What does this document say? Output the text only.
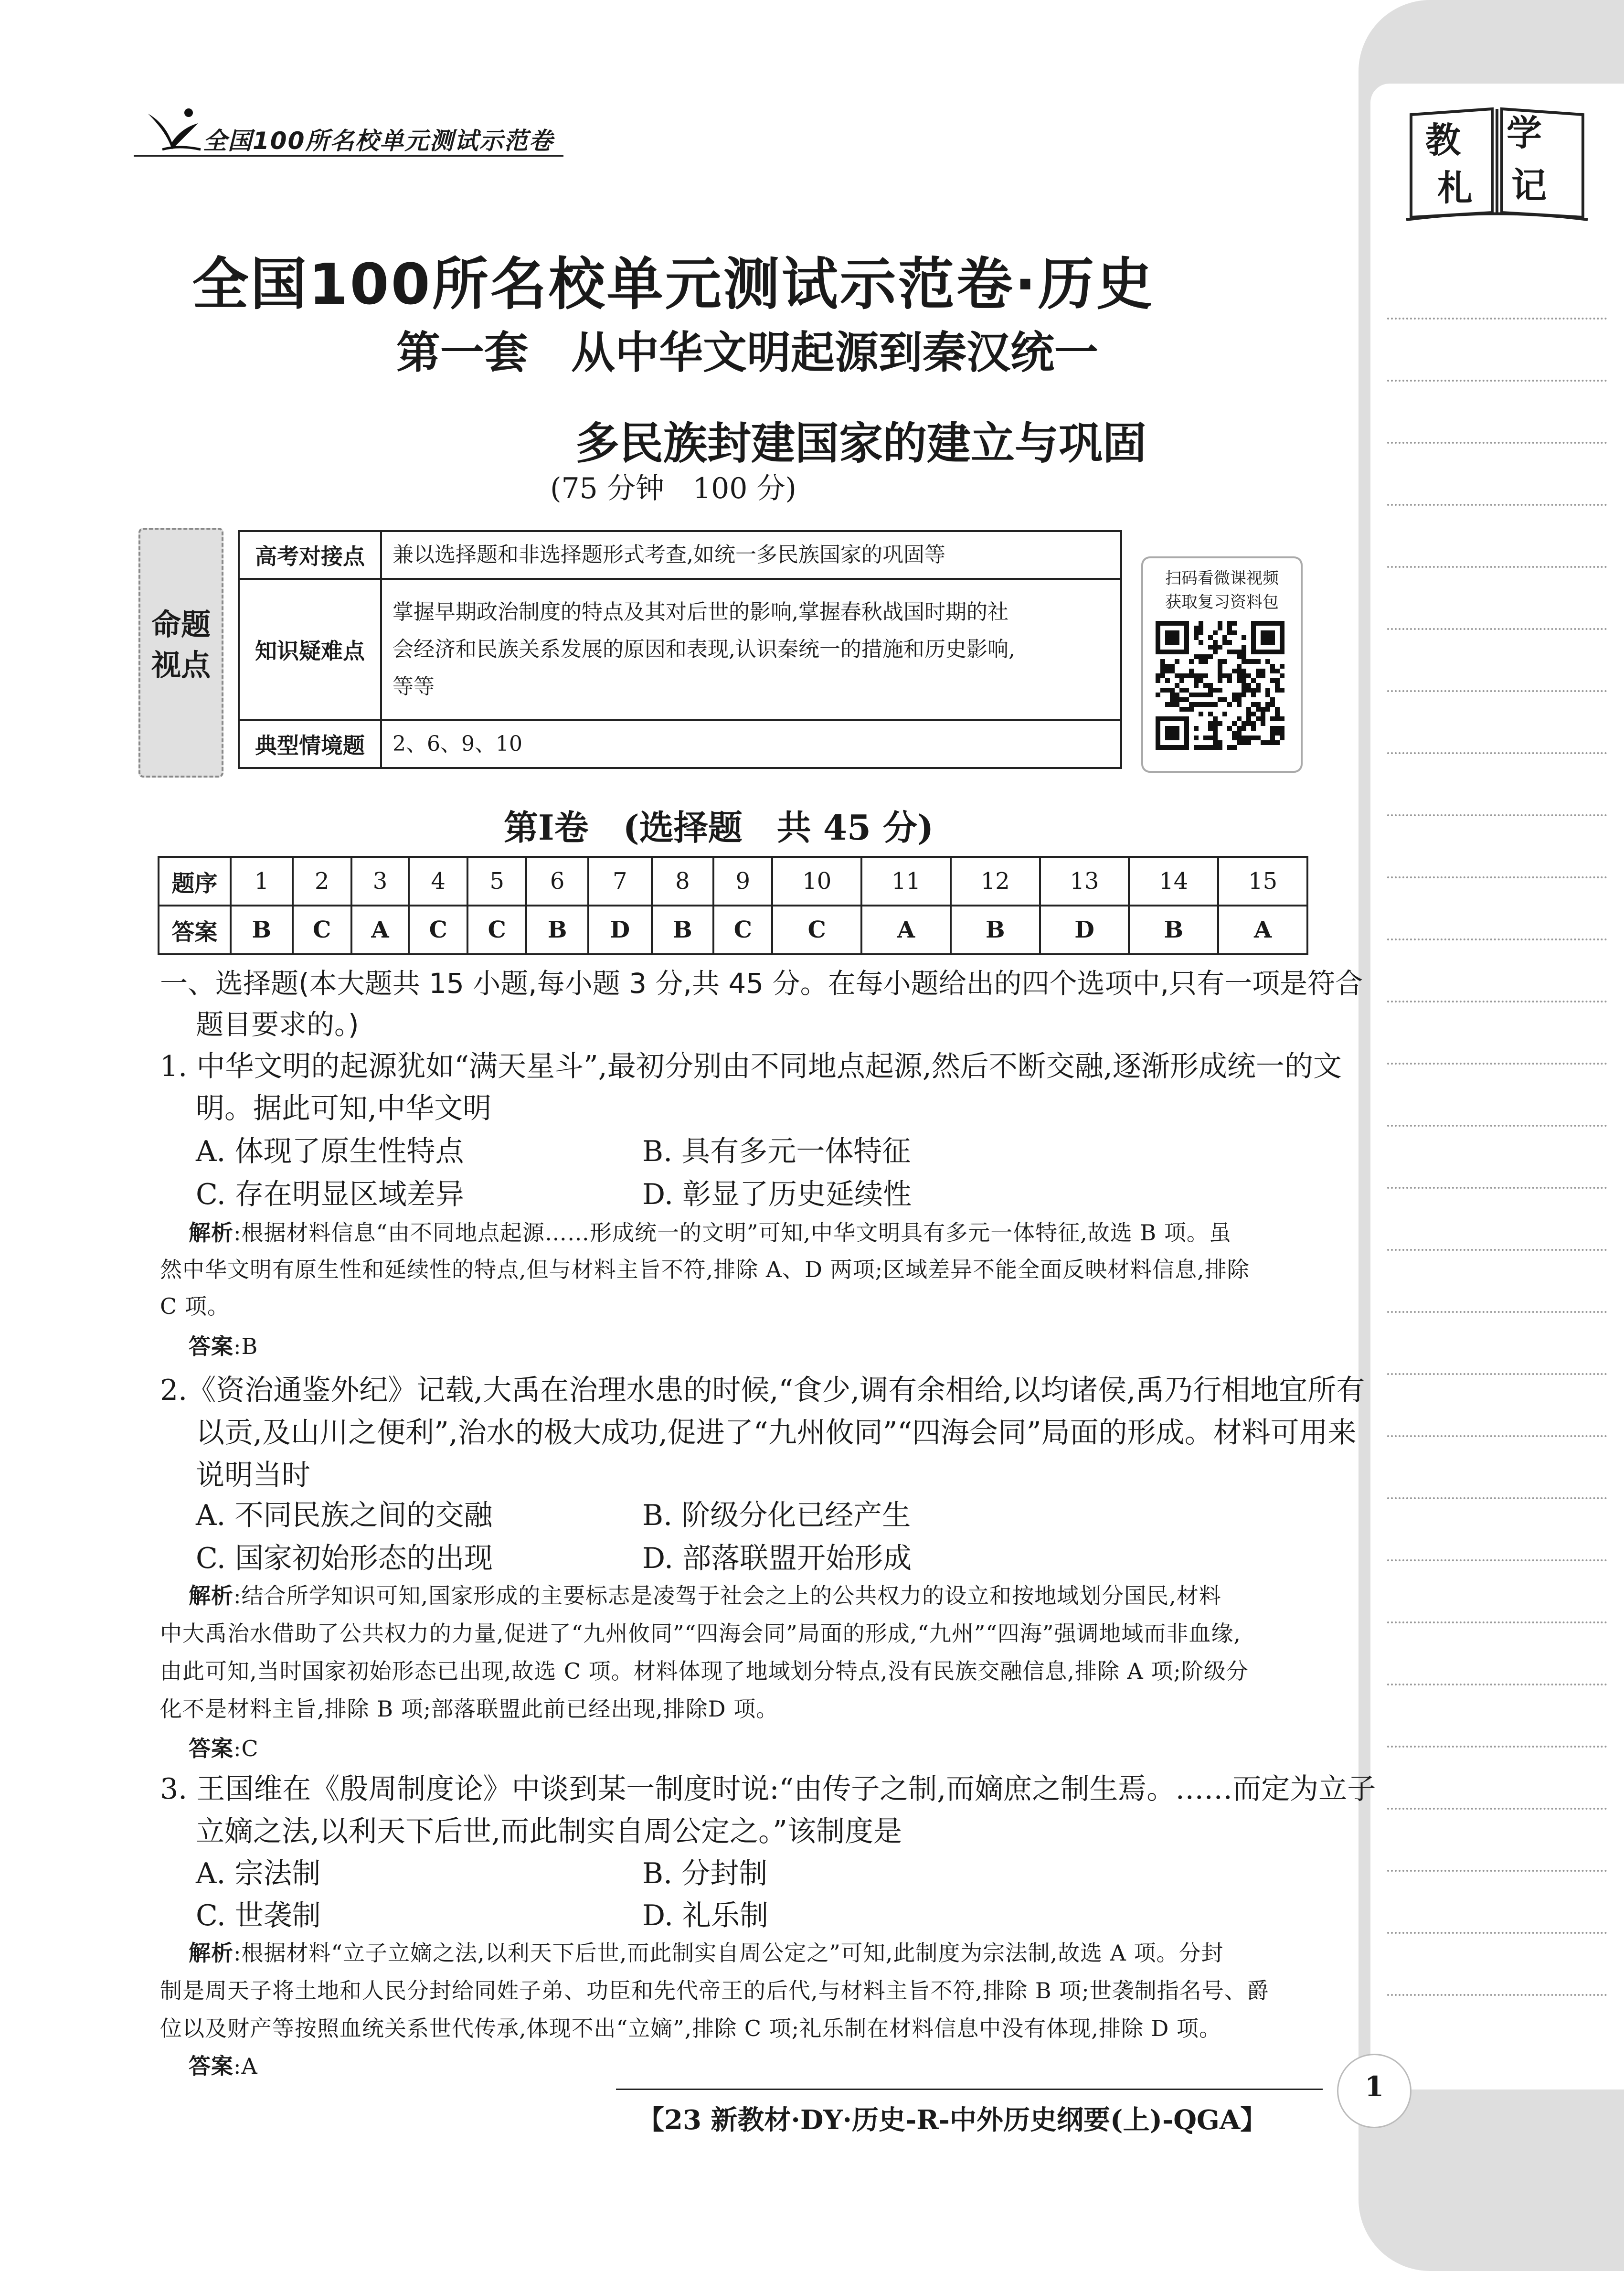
教 学
札 记
全国100所名校单元测试示范卷
全国100所名校单元测试示范卷·历史
第一套 从中华文明起源到秦汉统一
多民族封建国家的建立与巩固
(75 分钟　100 分)
命题
视点
高考对接点	兼以选择题和非选择题形式考查,如统一多民族国家的巩固等

知识疑难点	掌握早期政治制度的特点及其对后世的影响,掌握春秋战国时期的社
会经济和民族关系发展的原因和表现,认识秦统一的措施和历史影响,
等等

典型情境题	2、6、9、10
扫码看微课视频
获取复习资料包
第Ⅰ卷　(选择题　共 45 分)
题序	1	2	3	4	5	6	7	8	9	10	11	12	13	14	15
答案	B	C	A	C	C	B	D	B	C	C	A	B	D	B	A
一、选择题(本大题共 15 小题,每小题 3 分,共 45 分。在每小题给出的四个选项中,只有一项是符合
题目要求的。)
1. 中华文明的起源犹如“满天星斗”,最初分别由不同地点起源,然后不断交融,逐渐形成统一的文
明。据此可知,中华文明
A. 体现了原生性特点	B. 具有多元一体特征
C. 存在明显区域差异	D. 彰显了历史延续性
解析:根据材料信息“由不同地点起源……形成统一的文明”可知,中华文明具有多元一体特征,故选 B 项。虽
然中华文明有原生性和延续性的特点,但与材料主旨不符,排除 A、D 两项;区域差异不能全面反映材料信息,排除
C 项。
答案:B
2.《资治通鉴外纪》记载,大禹在治理水患的时候,“食少,调有余相给,以均诸侯,禹乃行相地宜所有
以贡,及山川之便利”,治水的极大成功,促进了“九州攸同”“四海会同”局面的形成。材料可用来
说明当时
A. 不同民族之间的交融	B. 阶级分化已经产生
C. 国家初始形态的出现	D. 部落联盟开始形成
解析:结合所学知识可知,国家形成的主要标志是凌驾于社会之上的公共权力的设立和按地域划分国民,材料
中大禹治水借助了公共权力的力量,促进了“九州攸同”“四海会同”局面的形成,“九州”“四海”强调地域而非血缘,
由此可知,当时国家初始形态已出现,故选 C 项。材料体现了地域划分特点,没有民族交融信息,排除 A 项;阶级分
化不是材料主旨,排除 B 项;部落联盟此前已经出现,排除D 项。
答案:C
3. 王国维在《殷周制度论》中谈到某一制度时说:“由传子之制,而嫡庶之制生焉。……而定为立子
立嫡之法,以利天下后世,而此制实自周公定之。”该制度是
A. 宗法制	B. 分封制
C. 世袭制	D. 礼乐制
解析:根据材料“立子立嫡之法,以利天下后世,而此制实自周公定之”可知,此制度为宗法制,故选 A 项。分封
制是周天子将土地和人民分封给同姓子弟、功臣和先代帝王的后代,与材料主旨不符,排除 B 项;世袭制指名号、爵
位以及财产等按照血统关系世代传承,体现不出“立嫡”,排除 C 项;礼乐制在材料信息中没有体现,排除 D 项。
答案:A
【23 新教材·DY·历史-R-中外历史纲要(上)-QGA】
1
